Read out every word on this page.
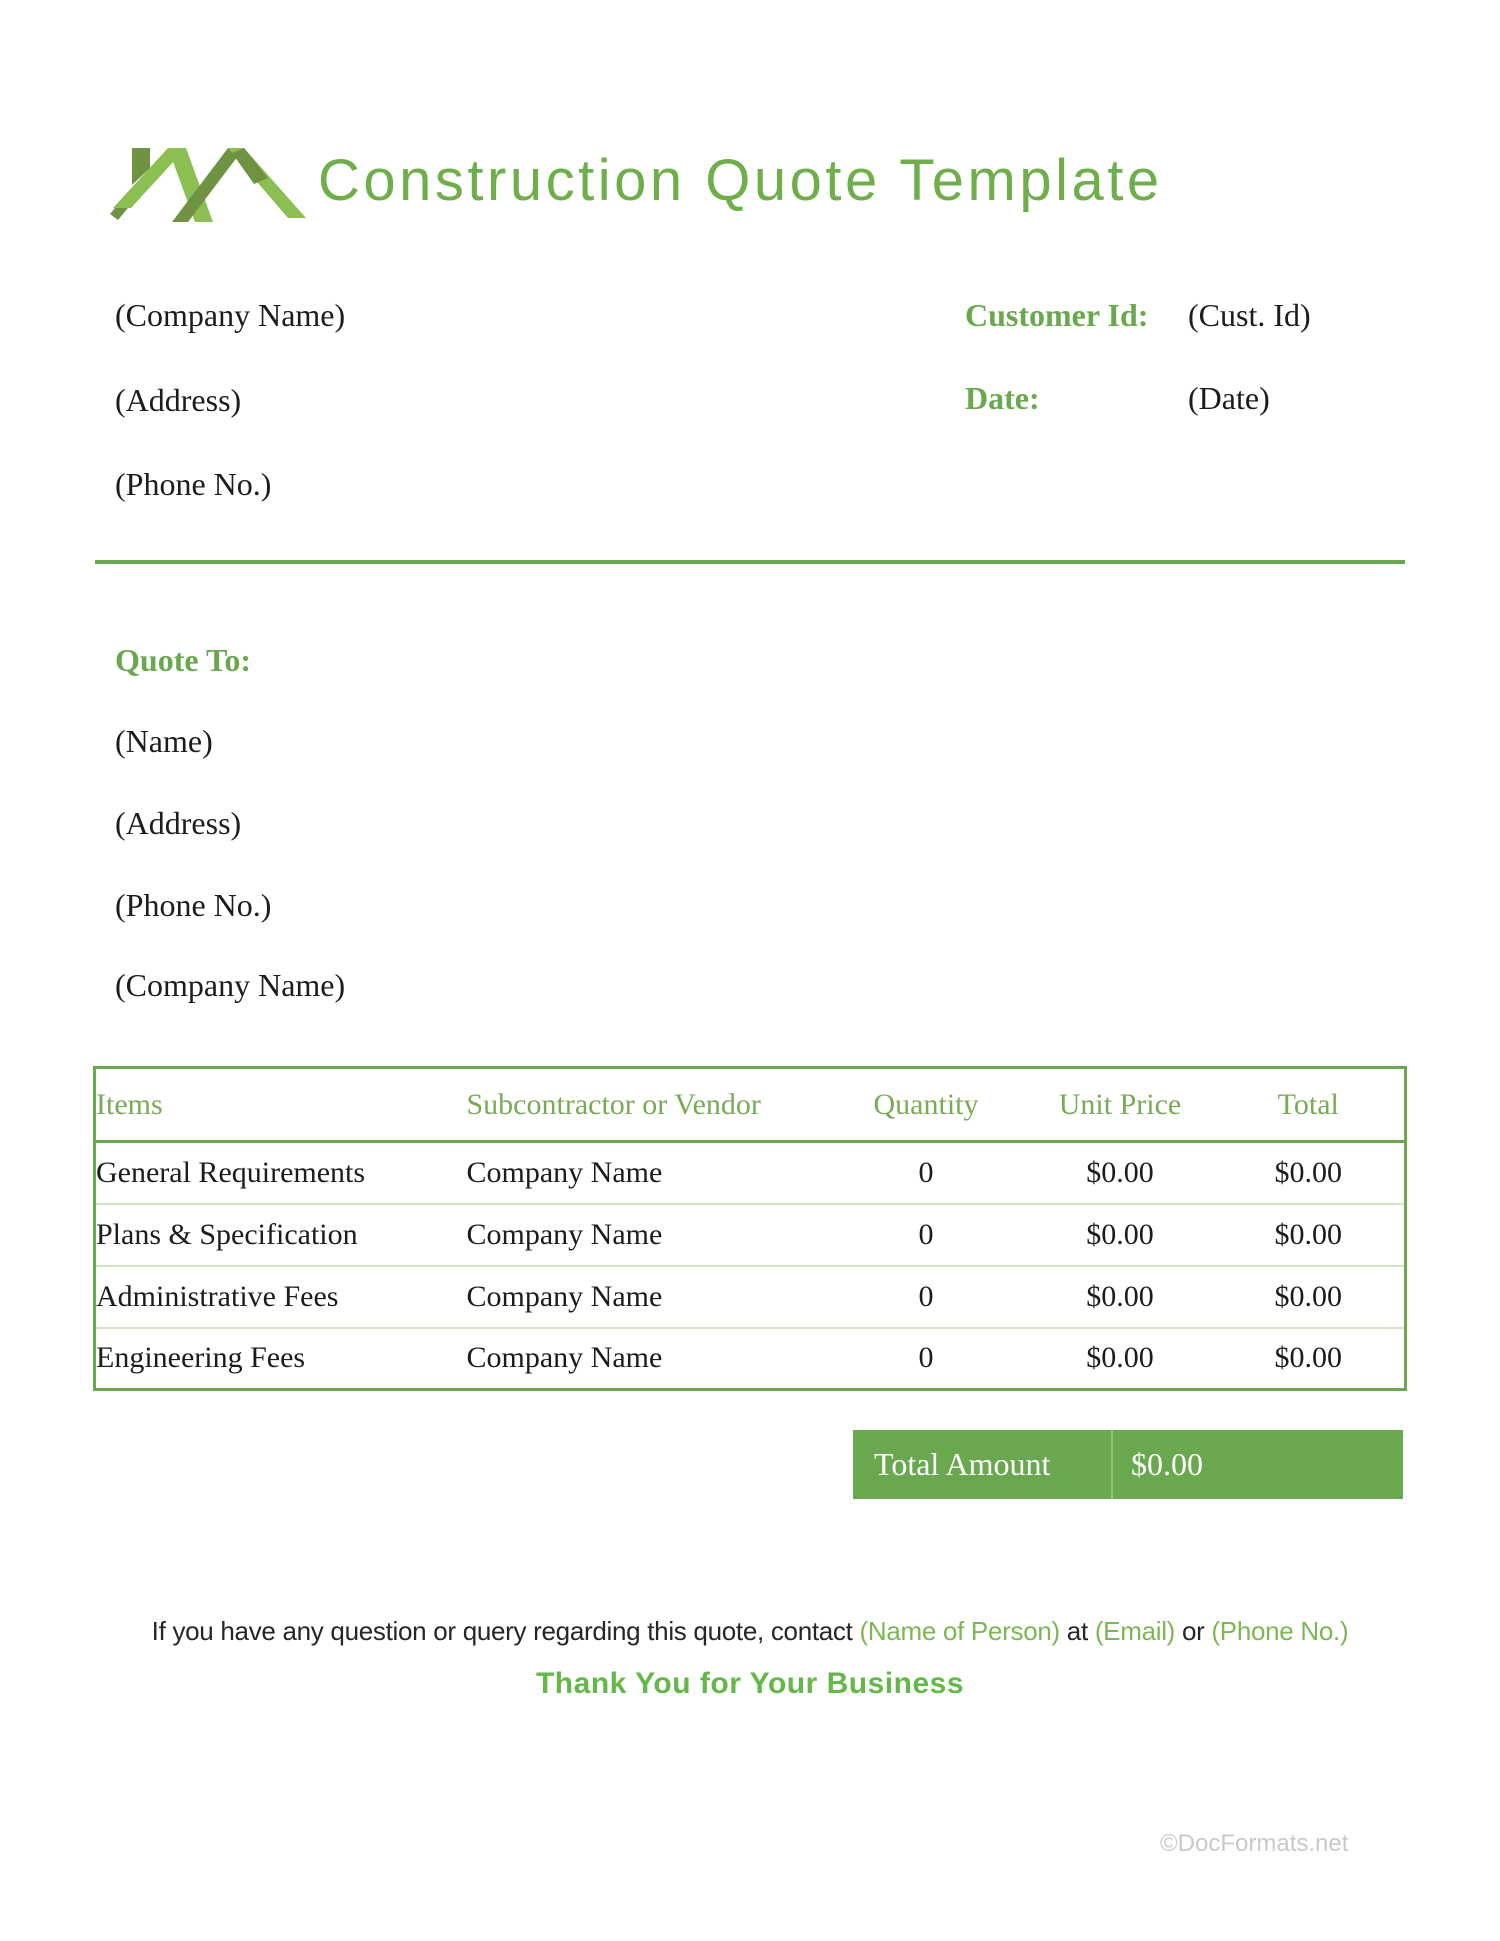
Construction Quote Template
(Company Name)
(Address)
(Phone No.)
Customer Id: (Cust. Id)
Date:	(Date)
Quote To:
(Name)
(Address)
(Phone No.)
(Company Name)
Items	Subcontractor or Vendor	Quantity	Unit Price	Total
General Requirements	Company Name	0	$0.00	$0.00
Plans & Specification	Company Name	0	$0.00	$0.00
Administrative Fees	Company Name	0	$0.00	$0.00
Engineering Fees	Company Name	0	$0.00	$0.00
Total Amount	$0.00
If you have any question or query regarding this quote, contact (Name of Person) at (Email) or (Phone No.)
Thank You for Your Business
©DocFormats.net
